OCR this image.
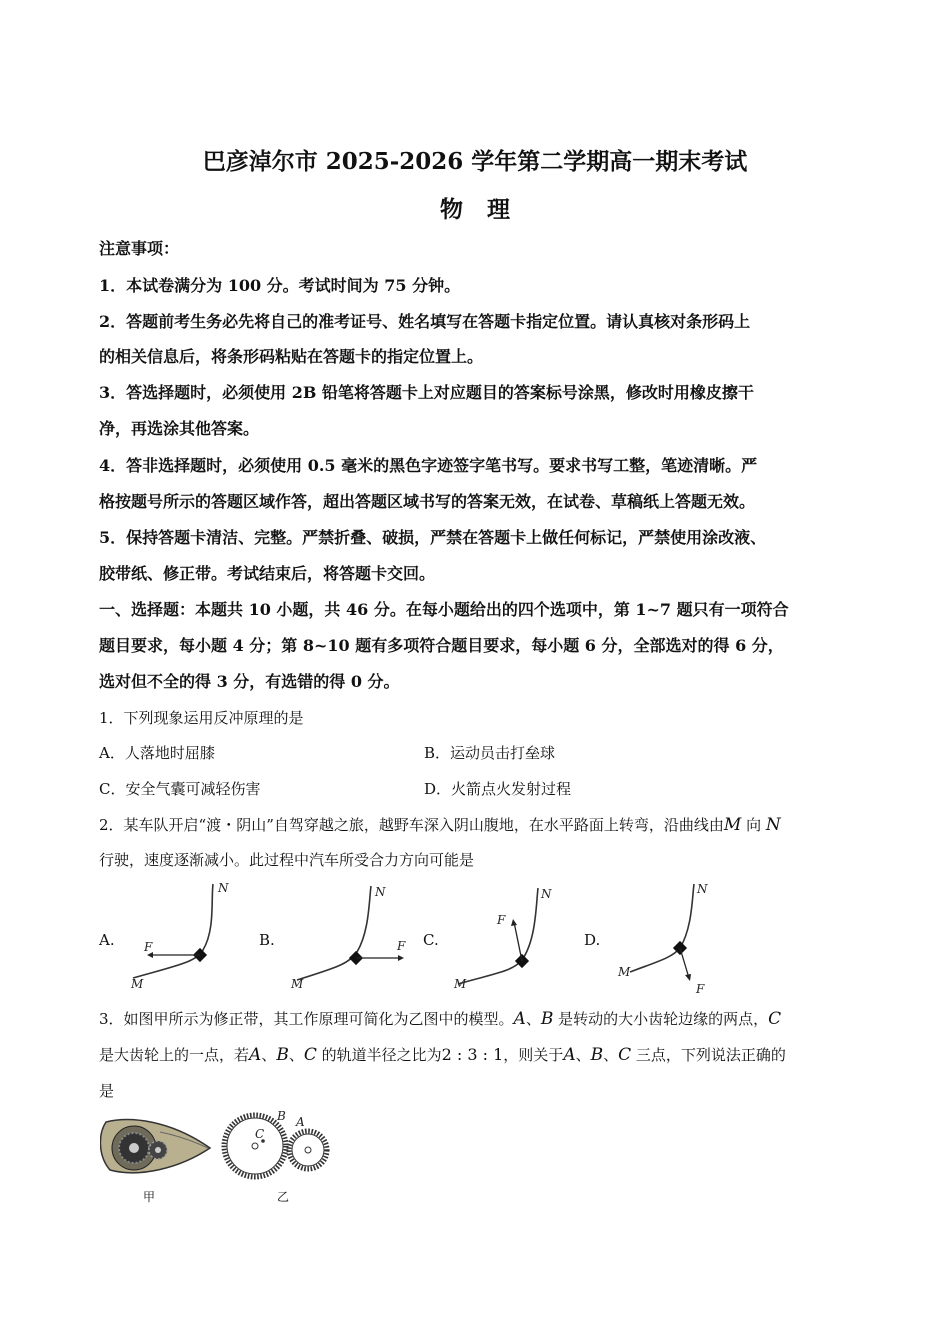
巴彦淖尔市 2025-2026 学年第二学期高一期末考试
物理
注意事项：
1．本试卷满分为 100 分。考试时间为 75 分钟。
2．答题前考生务必先将自己的准考证号、姓名填写在答题卡指定位置。请认真核对条形码上
的相关信息后，将条形码粘贴在答题卡的指定位置上。
3．答选择题时，必须使用 2B 铅笔将答题卡上对应题目的答案标号涂黑，修改时用橡皮擦干
净，再选涂其他答案。
4．答非选择题时，必须使用 0.5 毫米的黑色字迹签字笔书写。要求书写工整，笔迹清晰。严
格按题号所示的答题区域作答，超出答题区域书写的答案无效，在试卷、草稿纸上答题无效。
5．保持答题卡清洁、完整。严禁折叠、破损，严禁在答题卡上做任何标记，严禁使用涂改液、
胶带纸、修正带。考试结束后，将答题卡交回。
一、选择题：本题共 10 小题，共 46 分。在每小题给出的四个选项中，第 1~7 题只有一项符合
题目要求，每小题 4 分；第 8~10 题有多项符合题目要求，每小题 6 分，全部选对的得 6 分，
选对但不全的得 3 分，有选错的得 0 分。
1．下列现象运用反冲原理的是
A．人落地时屈膝	B．运动员击打垒球
C．安全气囊可减轻伤害	D．火箭点火发射过程
2．某车队开启“渡・阴山”自驾穿越之旅，越野车深入阴山腹地，在水平路面上转弯，沿曲线由M 向 N
行驶，速度逐渐减小。此过程中汽车所受合力方向可能是
A.	B.	C.	D.
F
N
M
F
N
M
F
N
M	F
N
M
3．如图甲所示为修正带，其工作原理可简化为乙图中的模型。A、B 是转动的大小齿轮边缘的两点，C
是大齿轮上的一点，若A、B、C 的轨道半径之比为2 : 3 : 1，则关于A、B、C 三点，下列说法正确的
是
甲
C
B A
乙
